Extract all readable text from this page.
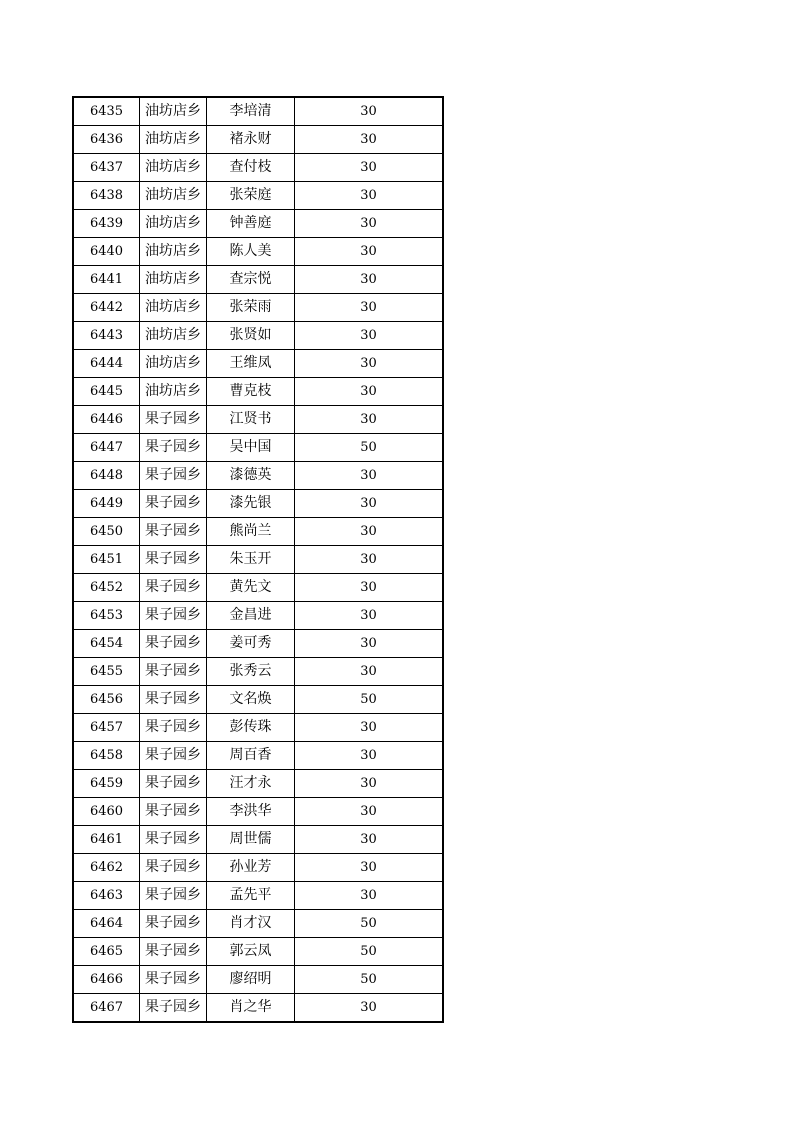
6435	油坊店乡	李培清	30
6436	油坊店乡	褚永财	30
6437	油坊店乡	查付枝	30
6438	油坊店乡	张荣庭	30
6439	油坊店乡	钟善庭	30
6440	油坊店乡	陈人美	30
6441	油坊店乡	查宗悦	30
6442	油坊店乡	张荣雨	30
6443	油坊店乡	张贤如	30
6444	油坊店乡	王维凤	30
6445	油坊店乡	曹克枝	30
6446	果子园乡	江贤书	30
6447	果子园乡	吴中国	50
6448	果子园乡	漆德英	30
6449	果子园乡	漆先银	30
6450	果子园乡	熊尚兰	30
6451	果子园乡	朱玉开	30
6452	果子园乡	黄先文	30
6453	果子园乡	金昌进	30
6454	果子园乡	姜可秀	30
6455	果子园乡	张秀云	30
6456	果子园乡	文名焕	50
6457	果子园乡	彭传珠	30
6458	果子园乡	周百香	30
6459	果子园乡	汪才永	30
6460	果子园乡	李洪华	30
6461	果子园乡	周世儒	30
6462	果子园乡	孙业芳	30
6463	果子园乡	孟先平	30
6464	果子园乡	肖才汉	50
6465	果子园乡	郭云凤	50
6466	果子园乡	廖绍明	50
6467	果子园乡	肖之华	30
